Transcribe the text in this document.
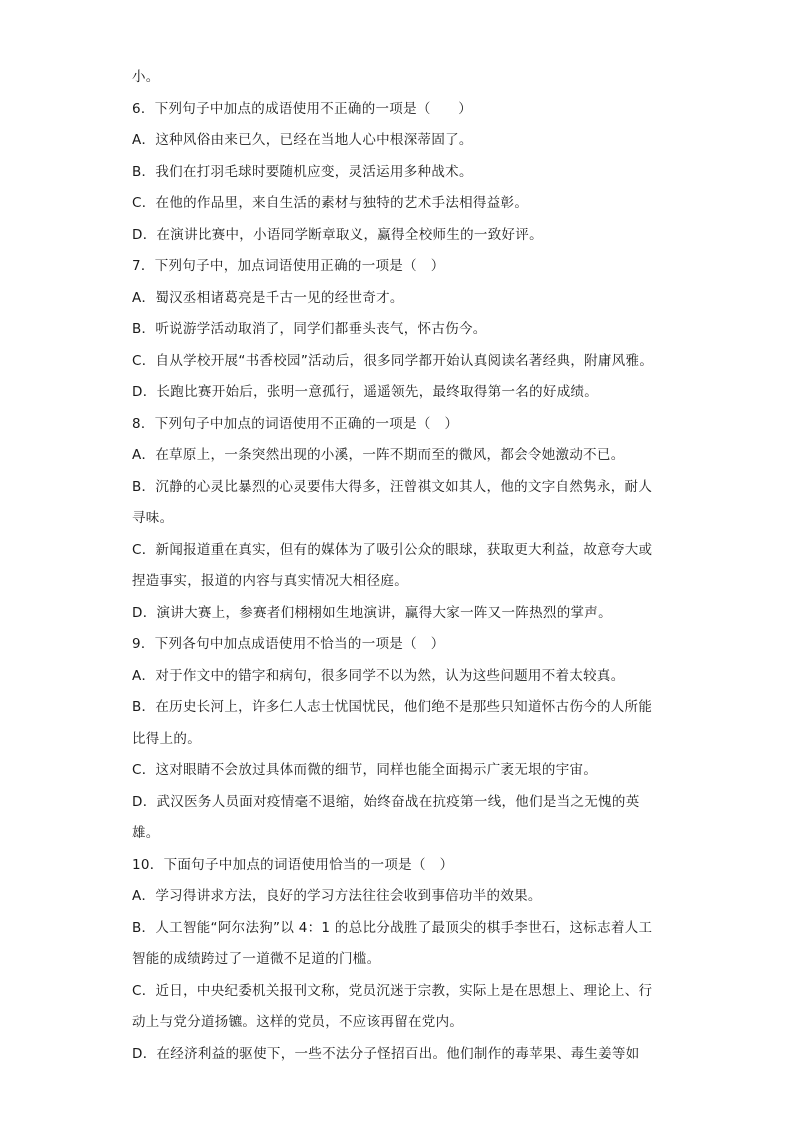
小。
6．下列句子中加点的成语使用不正确的一项是（　　）
A．这种风俗由来已久，已经在当地人心中根深蒂固了。
B．我们在打羽毛球时要随机应变，灵活运用多种战术。
C．在他的作品里，来自生活的素材与独特的艺术手法相得益彰。
D．在演讲比赛中，小语同学断章取义，赢得全校师生的一致好评。
7．下列句子中，加点词语使用正确的一项是（　）
A．蜀汉丞相诸葛亮是千古一见的经世奇才。
B．听说游学活动取消了，同学们都垂头丧气，怀古伤今。
C．自从学校开展“书香校园”活动后，很多同学都开始认真阅读名著经典，附庸风雅。
D．长跑比赛开始后，张明一意孤行，遥遥领先，最终取得第一名的好成绩。
8．下列句子中加点的词语使用不正确的一项是（　）
A．在草原上，一条突然出现的小溪，一阵不期而至的微风，都会令她激动不已。
B．沉静的心灵比暴烈的心灵要伟大得多，汪曾祺文如其人，他的文字自然隽永，耐人
寻味。
C．新闻报道重在真实，但有的媒体为了吸引公众的眼球，获取更大利益，故意夸大或
捏造事实，报道的内容与真实情况大相径庭。
D．演讲大赛上，参赛者们栩栩如生地演讲，赢得大家一阵又一阵热烈的掌声。
9．下列各句中加点成语使用不恰当的一项是（　）
A．对于作文中的错字和病句，很多同学不以为然，认为这些问题用不着太较真。
B．在历史长河上，许多仁人志士忧国忧民，他们绝不是那些只知道怀古伤今的人所能
比得上的。
C．这对眼睛不会放过具体而微的细节，同样也能全面揭示广袤无垠的宇宙。
D．武汉医务人员面对疫情毫不退缩，始终奋战在抗疫第一线，他们是当之无愧的英
雄。
10．下面句子中加点的词语使用恰当的一项是（　）
A．学习得讲求方法，良好的学习方法往往会收到事倍功半的效果。
B．人工智能“阿尔法狗”以 4：1 的总比分战胜了最顶尖的棋手李世石，这标志着人工
智能的成绩跨过了一道微不足道的门槛。
C．近日，中央纪委机关报刊文称，党员沉迷于宗教，实际上是在思想上、理论上、行
动上与党分道扬镳。这样的党员，不应该再留在党内。
D．在经济利益的驱使下，一些不法分子怪招百出。他们制作的毒苹果、毒生姜等如
